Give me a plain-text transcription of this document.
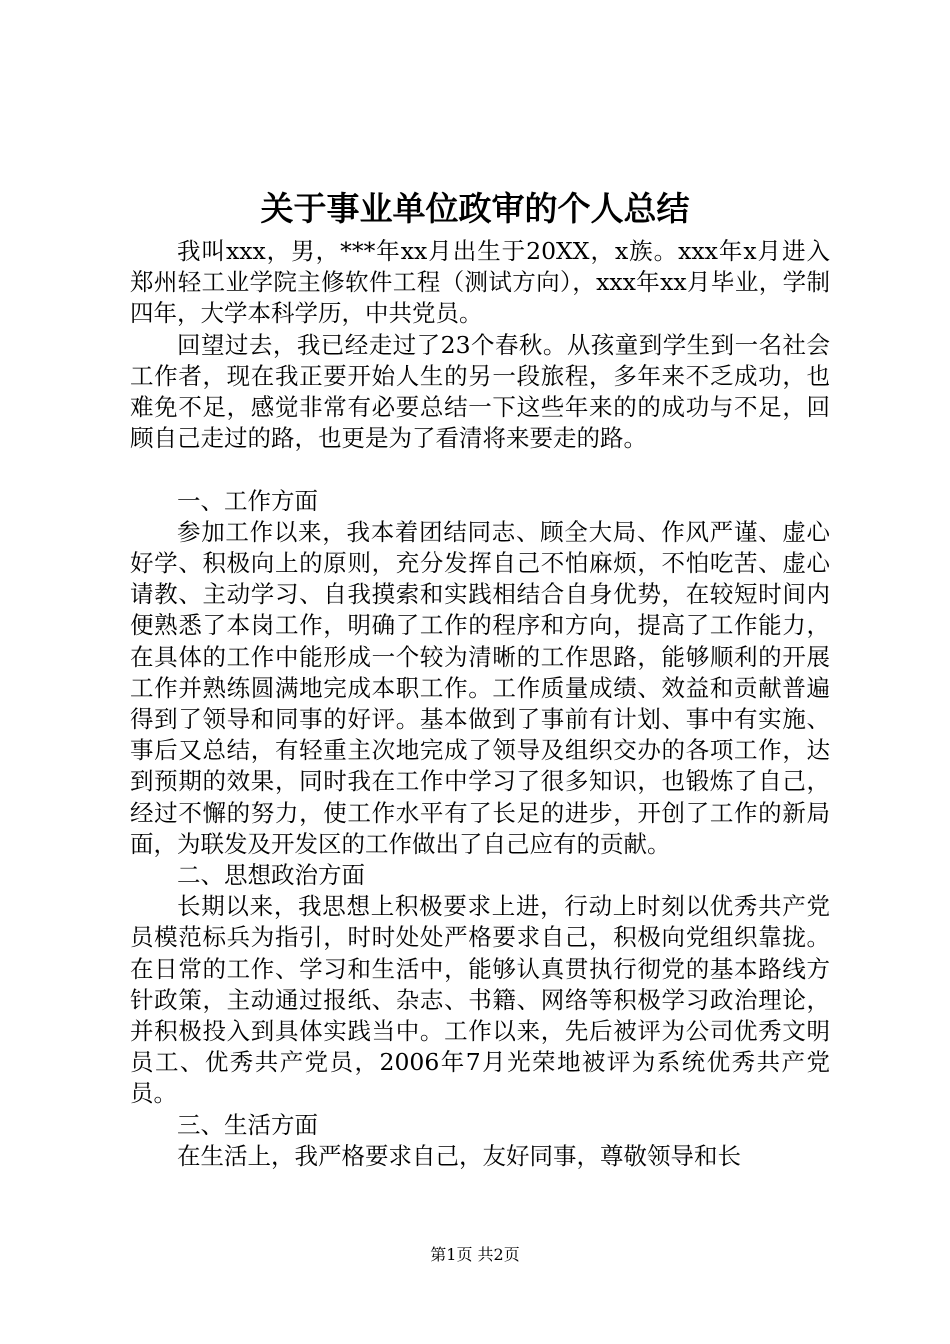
关于事业单位政审的个人总结

我叫xxx，男，***年xx月出生于20XX，x族。xxx年x月进入郑州轻工业学院主修软件工程（测试方向），xxx年xx月毕业，学制四年，大学本科学历，中共党员。

回望过去，我已经走过了23个春秋。从孩童到学生到一名社会工作者，现在我正要开始人生的另一段旅程，多年来不乏成功，也难免不足，感觉非常有必要总结一下这些年来的的成功与不足，回顾自己走过的路，也更是为了看清将来要走的路。

一、工作方面

参加工作以来，我本着团结同志、顾全大局、作风严谨、虚心好学、积极向上的原则，充分发挥自己不怕麻烦，不怕吃苦、虚心请教、主动学习、自我摸索和实践相结合自身优势，在较短时间内便熟悉了本岗工作，明确了工作的程序和方向，提高了工作能力，在具体的工作中能形成一个较为清晰的工作思路，能够顺利的开展工作并熟练圆满地完成本职工作。工作质量成绩、效益和贡献普遍得到了领导和同事的好评。基本做到了事前有计划、事中有实施、事后又总结，有轻重主次地完成了领导及组织交办的各项工作，达到预期的效果，同时我在工作中学习了很多知识，也锻炼了自己，经过不懈的努力，使工作水平有了长足的进步，开创了工作的新局面，为联发及开发区的工作做出了自己应有的贡献。

二、思想政治方面

长期以来，我思想上积极要求上进，行动上时刻以优秀共产党员模范标兵为指引，时时处处严格要求自己，积极向党组织靠拢。在日常的工作、学习和生活中，能够认真贯执行彻党的基本路线方针政策，主动通过报纸、杂志、书籍、网络等积极学习政治理论，并积极投入到具体实践当中。工作以来，先后被评为公司优秀文明员工、优秀共产党员，2006年7月光荣地被评为系统优秀共产党员。

三、生活方面

在生活上，我严格要求自己，友好同事，尊敬领导和长

第1页 共2页
